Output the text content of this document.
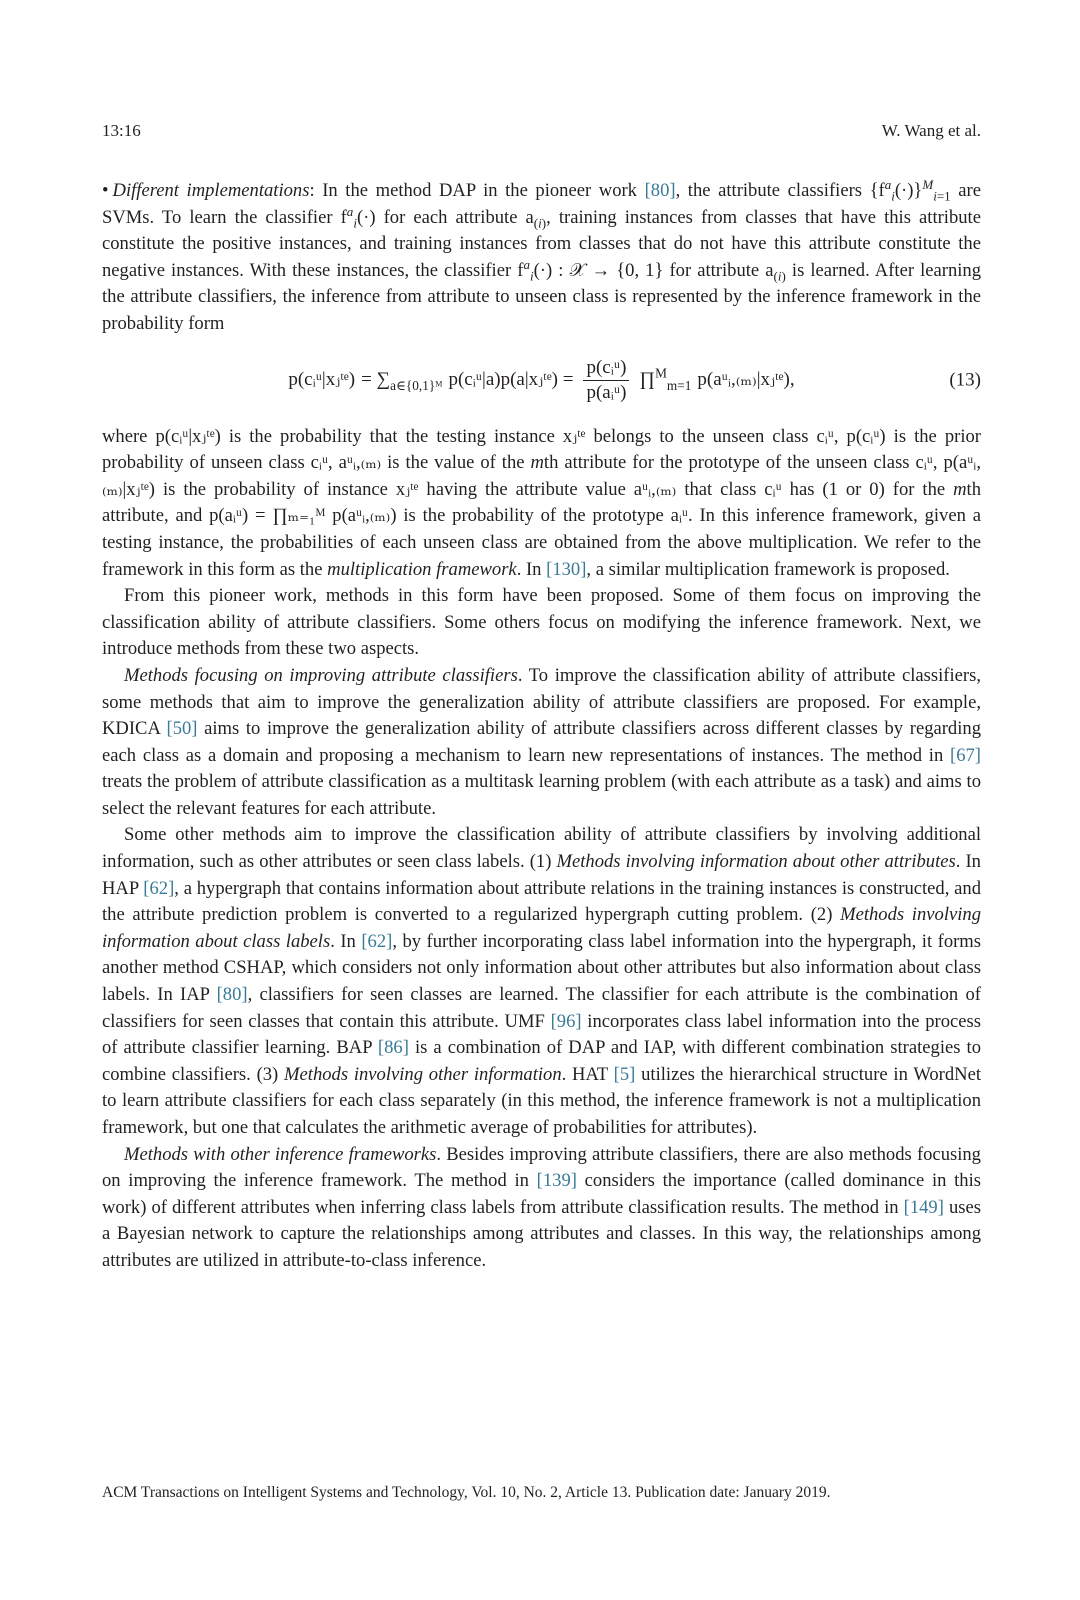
13:16	W. Wang et al.

• Different implementations: In the method DAP in the pioneer work [80], the attribute classifiers $\{f^a_i(\cdot)\}^M_{i=1}$ are SVMs. To learn the classifier $f^a_i(\cdot)$ for each attribute $a_{(i)}$, training instances from classes that have this attribute constitute the positive instances, and training instances from classes that do not have this attribute constitute the negative instances. With these instances, the classifier $f^a_i(\cdot)$ : 𝒳 → {0, 1} for attribute $a_{(i)}$ is learned. After learning the attribute classifiers, the inference from attribute to unseen class is represented by the inference framework in the probability form

p(cᵢᵘ|xⱼᵗᵉ) = $\sum_{a\in\{0,1\}ᴹ}$ p(cᵢᵘ|a)p(a|xⱼᵗᵉ) = $\frac{\text{p(cᵢᵘ)}}{\text{p(aᵢᵘ)}}$ ∏$^M_{m=1}$ p(aᵘᵢ,₍ₘ₎|xⱼᵗᵉ),	(13)

where p(cᵢᵘ|xⱼᵗᵉ) is the probability that the testing instance xⱼᵗᵉ belongs to the unseen class cᵢᵘ, p(cᵢᵘ) is the prior probability of unseen class cᵢᵘ, aᵘᵢ,₍ₘ₎ is the value of the mth attribute for the prototype of the unseen class cᵢᵘ, p(aᵘᵢ,₍ₘ₎|xⱼᵗᵉ) is the probability of instance xⱼᵗᵉ having the attribute value aᵘᵢ,₍ₘ₎ that class cᵢᵘ has (1 or 0) for the mth attribute, and p(aᵢᵘ) = ∏ₘ₌₁ᴹ p(aᵘᵢ,₍ₘ₎) is the probability of the prototype aᵢᵘ. In this inference framework, given a testing instance, the probabilities of each unseen class are obtained from the above multiplication. We refer to the framework in this form as the multiplication framework. In [130], a similar multiplication framework is proposed.

From this pioneer work, methods in this form have been proposed. Some of them focus on improving the classification ability of attribute classifiers. Some others focus on modifying the inference framework. Next, we introduce methods from these two aspects.

Methods focusing on improving attribute classifiers. To improve the classification ability of attribute classifiers, some methods that aim to improve the generalization ability of attribute classifiers are proposed. For example, KDICA [50] aims to improve the generalization ability of attribute classifiers across different classes by regarding each class as a domain and proposing a mechanism to learn new representations of instances. The method in [67] treats the problem of attribute classification as a multitask learning problem (with each attribute as a task) and aims to select the relevant features for each attribute.

Some other methods aim to improve the classification ability of attribute classifiers by involving additional information, such as other attributes or seen class labels. (1) Methods involving information about other attributes. In HAP [62], a hypergraph that contains information about attribute relations in the training instances is constructed, and the attribute prediction problem is converted to a regularized hypergraph cutting problem. (2) Methods involving information about class labels. In [62], by further incorporating class label information into the hypergraph, it forms another method CSHAP, which considers not only information about other attributes but also information about class labels. In IAP [80], classifiers for seen classes are learned. The classifier for each attribute is the combination of classifiers for seen classes that contain this attribute. UMF [96] incorporates class label information into the process of attribute classifier learning. BAP [86] is a combination of DAP and IAP, with different combination strategies to combine classifiers. (3) Methods involving other information. HAT [5] utilizes the hierarchical structure in WordNet to learn attribute classifiers for each class separately (in this method, the inference framework is not a multiplication framework, but one that calculates the arithmetic average of probabilities for attributes).

Methods with other inference frameworks. Besides improving attribute classifiers, there are also methods focusing on improving the inference framework. The method in [139] considers the importance (called dominance in this work) of different attributes when inferring class labels from attribute classification results. The method in [149] uses a Bayesian network to capture the relationships among attributes and classes. In this way, the relationships among attributes are utilized in attribute-to-class inference.

ACM Transactions on Intelligent Systems and Technology, Vol. 10, No. 2, Article 13. Publication date: January 2019.
